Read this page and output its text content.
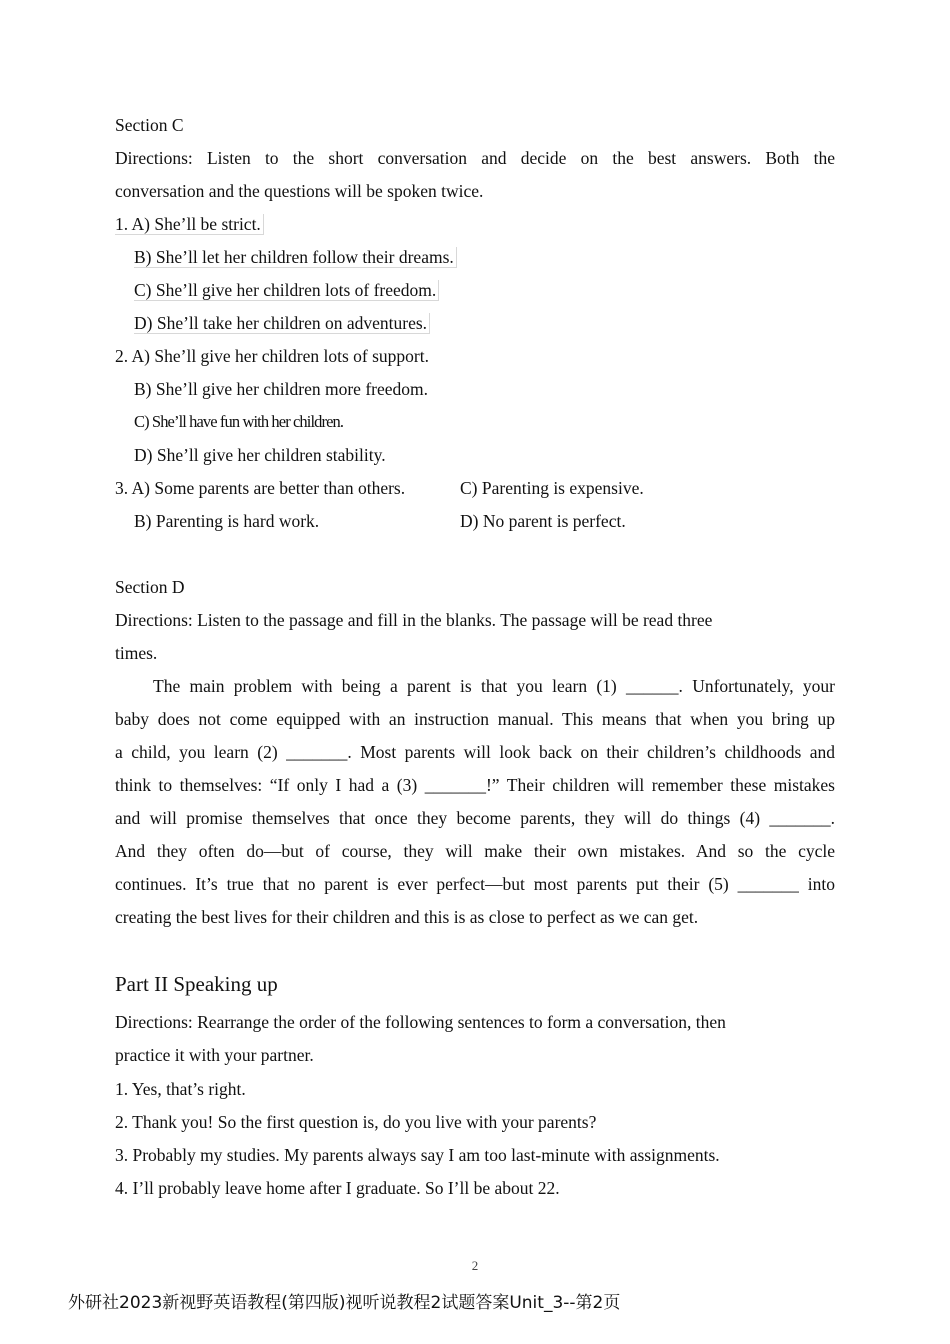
Section C
Directions: Listen to the short conversation and decide on the best answers. Both the
conversation and the questions will be spoken twice.
1. A) She’ll be strict.
B) She’ll let her children follow their dreams.
C) She’ll give her children lots of freedom.
D) She’ll take her children on adventures.
2. A) She’ll give her children lots of support.
B) She’ll give her children more freedom.
C) She’ll have fun with her children.
D) She’ll give her children stability.
3. A) Some parents are better than others.	C) Parenting is expensive.
B) Parenting is hard work.	D) No parent is perfect.
Section D
Directions: Listen to the passage and fill in the blanks. The passage will be read three
times.
The main problem with being a parent is that you learn (1) ______. Unfortunately, your
baby does not come equipped with an instruction manual. This means that when you bring up
a child, you learn (2) _______. Most parents will look back on their children’s childhoods and
think to themselves: “If only I had a (3) _______!” Their children will remember these mistakes
and will promise themselves that once they become parents, they will do things (4) _______.
And they often do—but of course, they will make their own mistakes. And so the cycle
continues. It’s true that no parent is ever perfect—but most parents put their (5) _______ into
creating the best lives for their children and this is as close to perfect as we can get.
Part II Speaking up
Directions: Rearrange the order of the following sentences to form a conversation, then
practice it with your partner.
1. Yes, that’s right.
2. Thank you! So the first question is, do you live with your parents?
3. Probably my studies. My parents always say I am too last-minute with assignments.
4. I’ll probably leave home after I graduate. So I’ll be about 22.
2
外研社2023新视野英语教程(第四版)视听说教程2试题答案Unit_3--第2页
